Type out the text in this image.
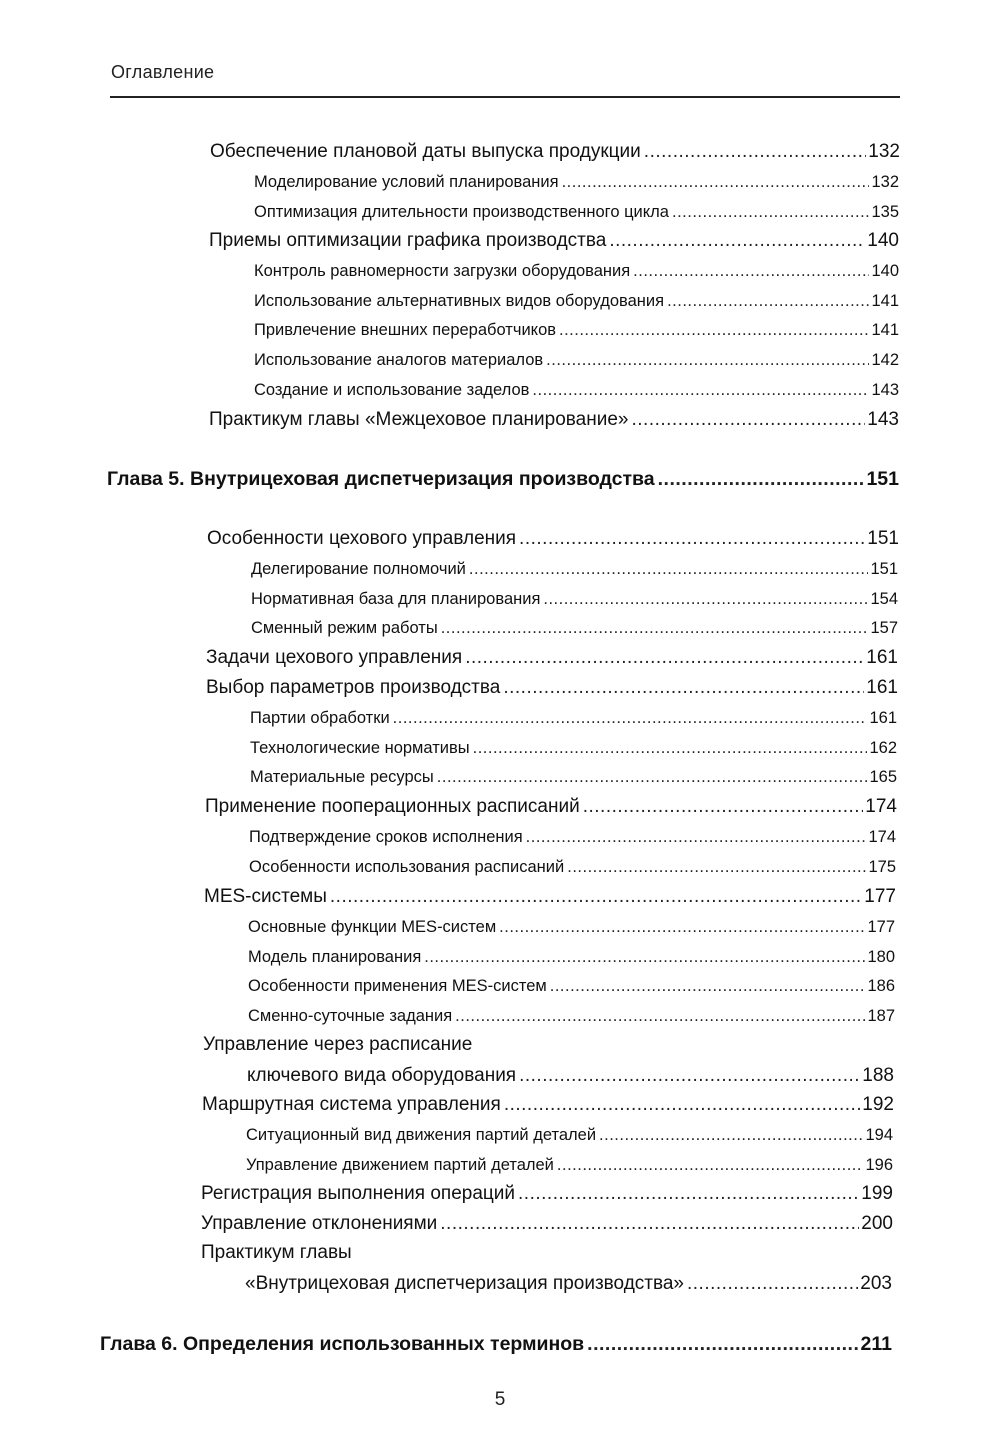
Оглавление
Обеспечение плановой даты выпуска продукции .....	132
Моделирование условий планирования .....	132
Оптимизация длительности производственного цикла .....	135
Приемы оптимизации графика производства .....	140
Контроль равномерности загрузки оборудования .....	140
Использование альтернативных видов оборудования .....	141
Привлечение внешних переработчиков .....	141
Использование аналогов материалов .....	142
Создание и использование заделов .....	143
Практикум главы «Межцеховое планирование» .....	143
Глава 5. Внутрицеховая диспетчеризация производства .....	151
Особенности цехового управления .....	151
Делегирование полномочий .....	151
Нормативная база для планирования .....	154
Сменный режим работы .....	157
Задачи цехового управления .....	161
Выбор параметров производства .....	161
Партии обработки .....	161
Технологические нормативы .....	162
Материальные ресурсы .....	165
Применение пооперационных расписаний .....	174
Подтверждение сроков исполнения .....	174
Особенности использования расписаний .....	175
MES-системы .....	177
Основные функции MES-систем .....	177
Модель планирования .....	180
Особенности применения MES-систем .....	186
Сменно-суточные задания .....	187
Управление через расписание
ключевого вида оборудования .....	188
Маршрутная система управления .....	192
Ситуационный вид движения партий деталей .....	194
Управление движением партий деталей .....	196
Регистрация выполнения операций .....	199
Управление отклонениями .....	200
Практикум главы
«Внутрицеховая диспетчеризация производства» .....	203
Глава 6. Определения использованных терминов .....	211
5
